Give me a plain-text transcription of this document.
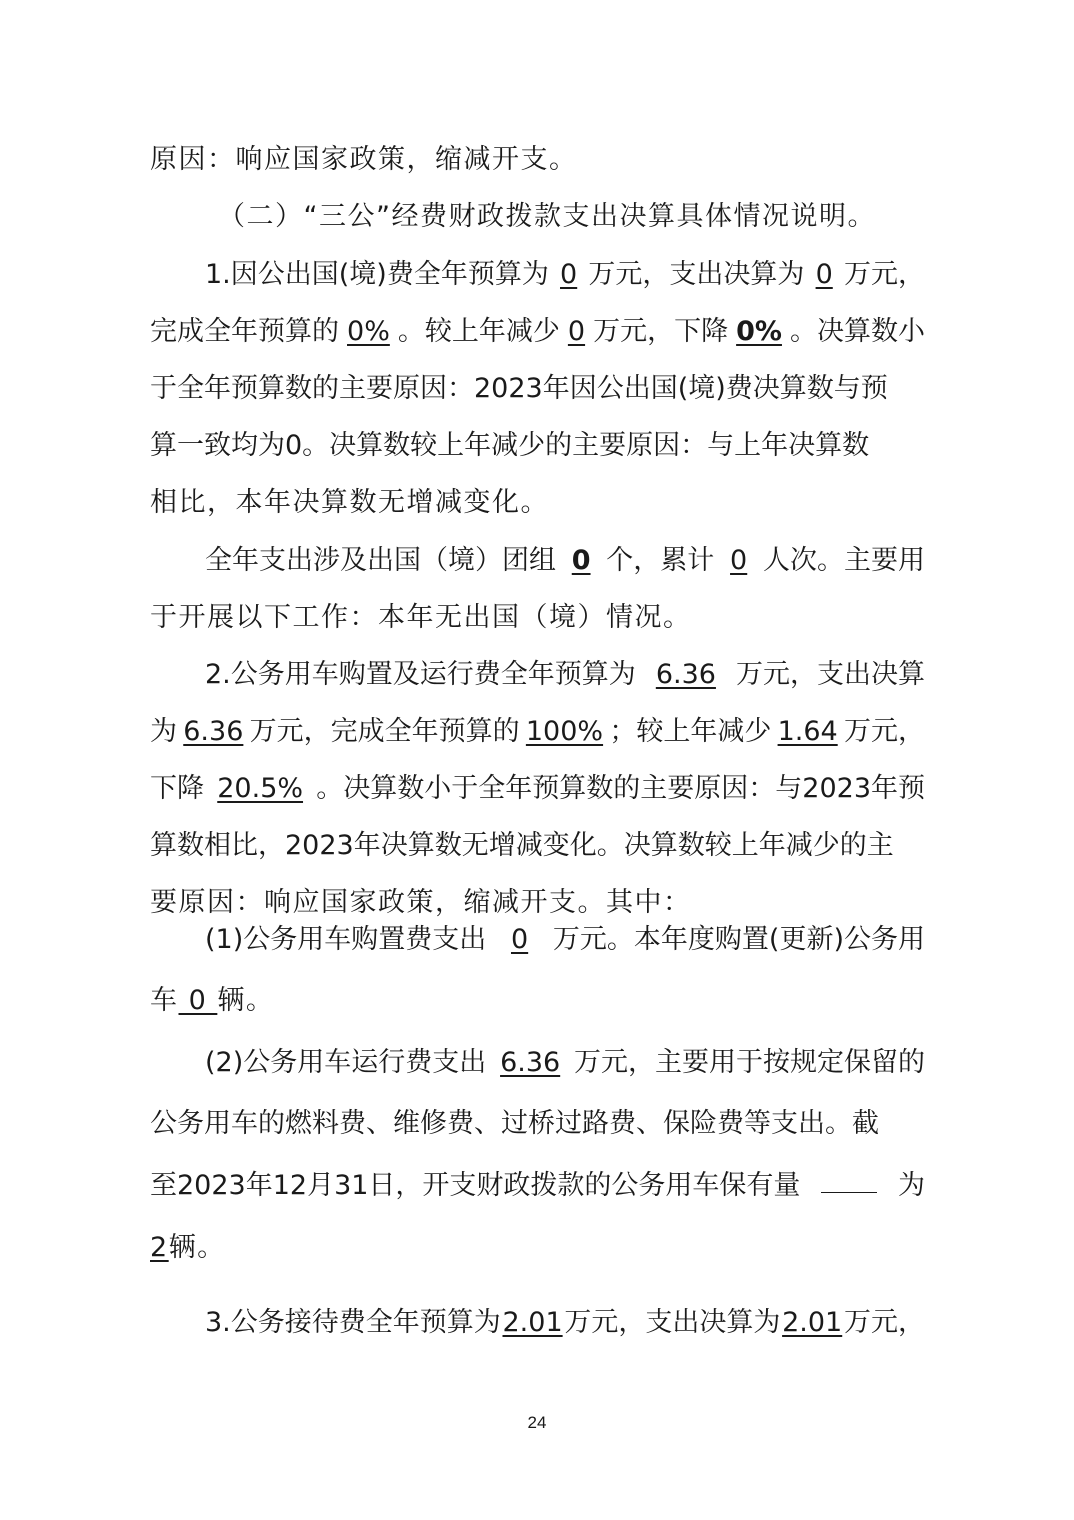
原因：响应国家政策，缩减开支。
（二）“三公”经费财政拨款支出决算具体情况说明。
1.因公出国(境)费全年预算为 0 万元，支出决算为 0 万元，
完成全年预算的 0% 。较上年减少 0 万元，下降 0% 。决算数小
于全年预算数的主要原因：2023年因公出国(境)费决算数与预
算一致均为0。决算数较上年减少的主要原因：与上年决算数
相比，本年决算数无增减变化。
全年支出涉及出国（境）团组 0 个，累计 0 人次。主要用
于开展以下工作：本年无出国（境）情况。
2.公务用车购置及运行费全年预算为 6.36 万元，支出决算
为 6.36 万元，完成全年预算的 100% ；较上年减少 1.64 万元，
下降 20.5% 。决算数小于全年预算数的主要原因：与2023年预
算数相比，2023年决算数无增减变化。决算数较上年减少的主
要原因：响应国家政策，缩减开支。其中：
(1)公务用车购置费支出 0 万元。本年度购置(更新)公务用
车 0 辆。
(2)公务用车运行费支出 6.36 万元，主要用于按规定保留的
公务用车的燃料费、维修费、过桥过路费、保险费等支出。截
至2023年12月31日，开支财政拨款的公务用车保有量	为
2辆。
3.公务接待费全年预算为 2.01 万元，支出决算为 2.01 万元，
24
